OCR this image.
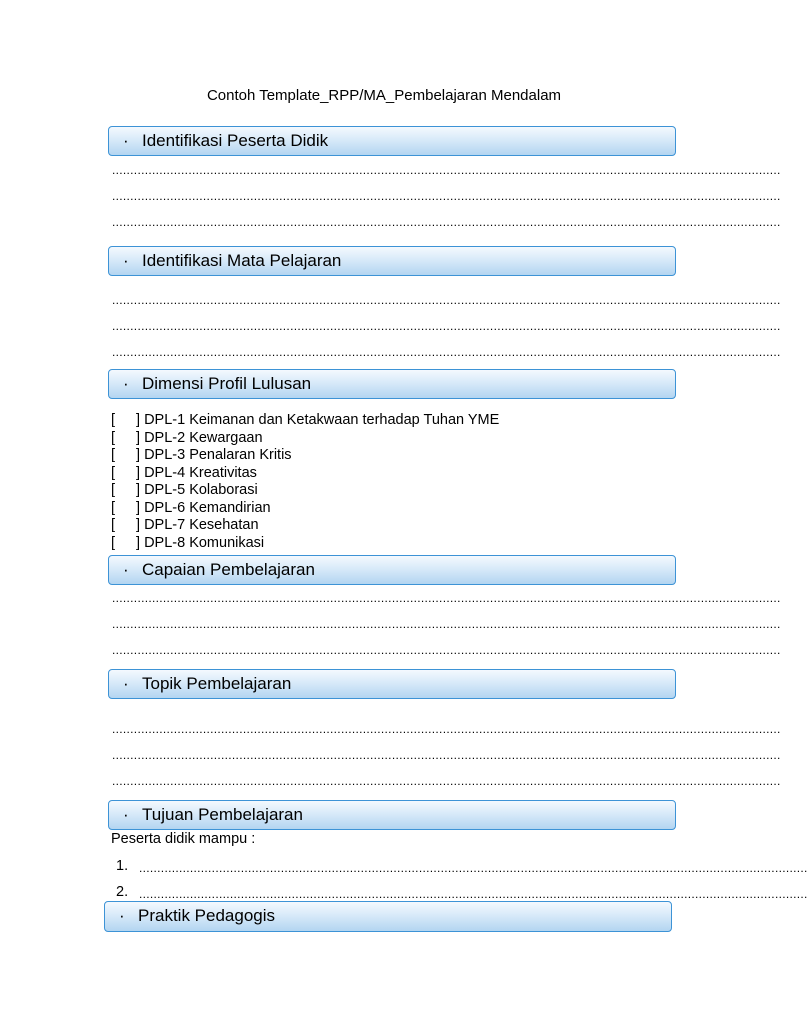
Contoh Template_RPP/MA_Pembelajaran Mendalam
· Identifikasi Peserta Didik
........................................................................................................................................................................................
........................................................................................................................................................................................
........................................................................................................................................................................................
· Identifikasi Mata Pelajaran
........................................................................................................................................................................................
........................................................................................................................................................................................
........................................................................................................................................................................................
· Dimensi Profil Lulusan
[ ] DPL-1 Keimanan dan Ketakwaan terhadap Tuhan YME
[ ] DPL-2 Kewargaan
[ ] DPL-3 Penalaran Kritis
[ ] DPL-4 Kreativitas
[ ] DPL-5 Kolaborasi
[ ] DPL-6 Kemandirian
[ ] DPL-7 Kesehatan
[ ] DPL-8 Komunikasi
· Capaian Pembelajaran
........................................................................................................................................................................................
........................................................................................................................................................................................
........................................................................................................................................................................................
· Topik Pembelajaran
........................................................................................................................................................................................
........................................................................................................................................................................................
........................................................................................................................................................................................
· Tujuan Pembelajaran
Peserta didik mampu :
1. ........................................................................................................................................................................................
2. ........................................................................................................................................................................................
· Praktik Pedagogis
